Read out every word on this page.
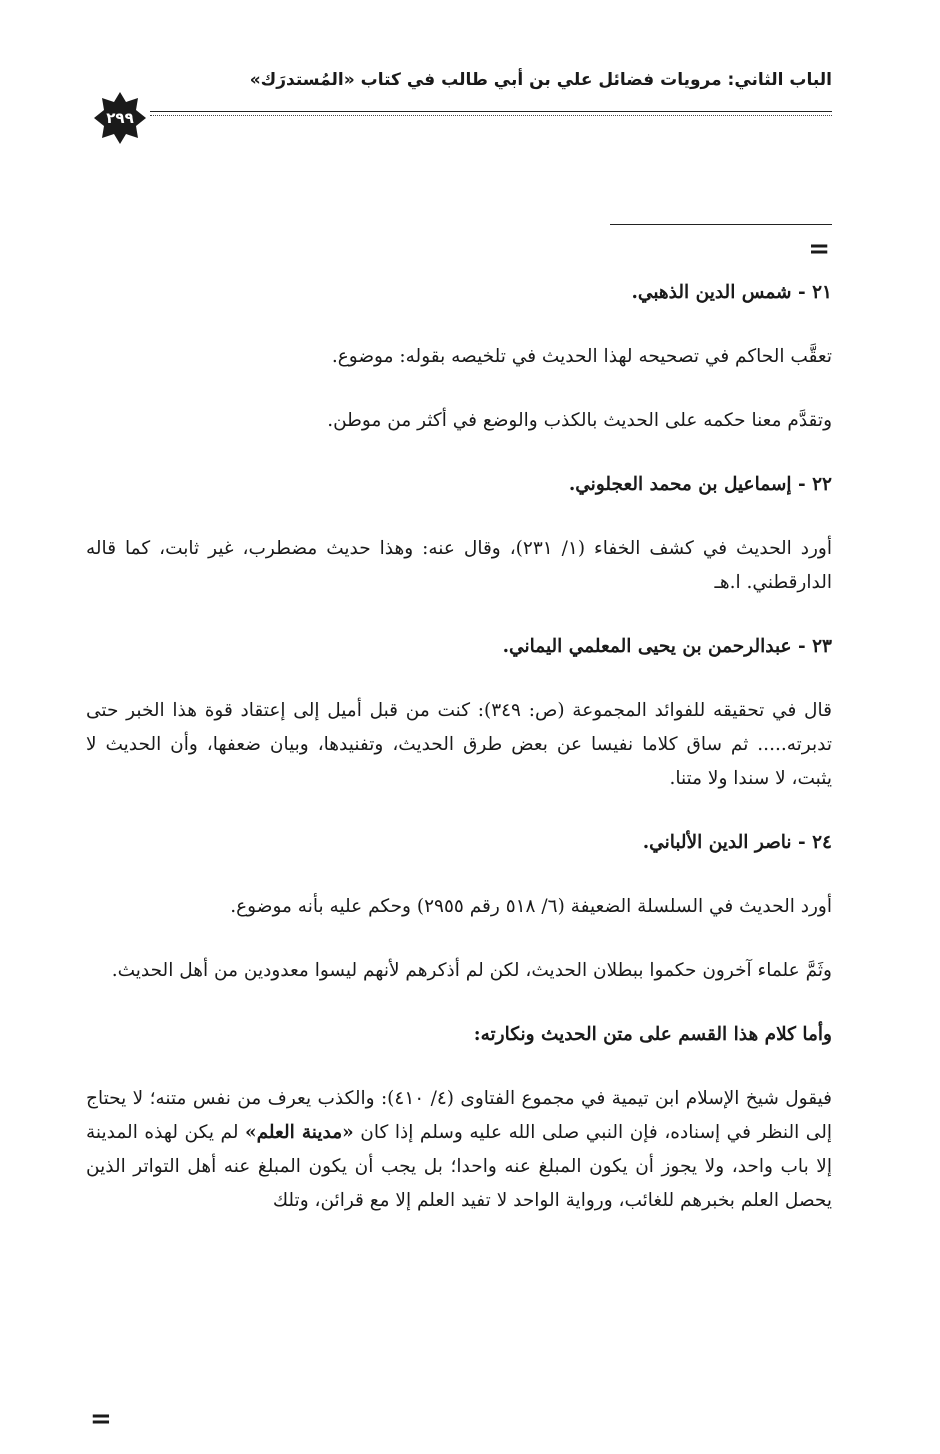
الباب الثاني: مرويات فضائل علي بن أبي طالب في كتاب «المُستدرَك»
٢٩٩
=

٢١ - شمس الدين الذهبي.

تعقَّب الحاكم في تصحيحه لهذا الحديث في تلخيصه بقوله: موضوع.

وتقدَّم معنا حكمه على الحديث بالكذب والوضع في أكثر من موطن.

٢٢ - إسماعيل بن محمد العجلوني.

أورد الحديث في كشف الخفاء (١/ ٢٣١)، وقال عنه: وهذا حديث مضطرب، غير ثابت، كما قاله الدارقطني. ا.هـ

٢٣ - عبدالرحمن بن يحيى المعلمي اليماني.

قال في تحقيقه للفوائد المجموعة (ص: ٣٤٩): كنت من قبل أميل إلى إعتقاد قوة هذا الخبر حتى تدبرته..... ثم ساق كلاما نفيسا عن بعض طرق الحديث، وتفنيدها، وبيان ضعفها، وأن الحديث لا يثبت، لا سندا ولا متنا.

٢٤ - ناصر الدين الألباني.

أورد الحديث في السلسلة الضعيفة (٦/ ٥١٨ رقم ٢٩٥٥) وحكم عليه بأنه موضوع.

وثَمَّ علماء آخرون حكموا ببطلان الحديث، لكن لم أذكرهم لأنهم ليسوا معدودين من أهل الحديث.

وأما كلام هذا القسم على متن الحديث ونكارته:

فيقول شيخ الإسلام ابن تيمية في مجموع الفتاوى (٤/ ٤١٠): والكذب يعرف من نفس متنه؛ لا يحتاج إلى النظر في إسناده، فإن النبي صلى الله عليه وسلم إذا كان «مدينة العلم» لم يكن لهذه المدينة إلا باب واحد، ولا يجوز أن يكون المبلغ عنه واحدا؛ بل يجب أن يكون المبلغ عنه أهل التواتر الذين يحصل العلم بخبرهم للغائب، ورواية الواحد لا تفيد العلم إلا مع قرائن، وتلك

=
